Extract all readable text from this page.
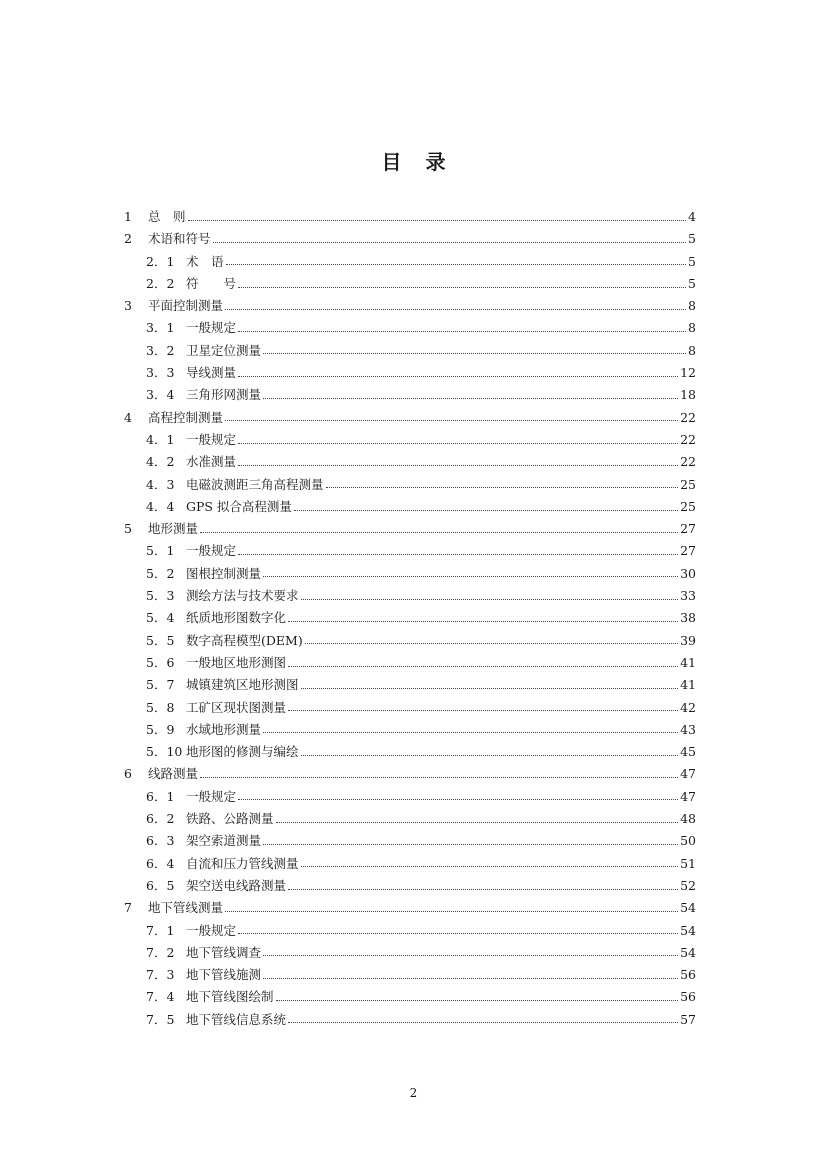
目 录
1	总　则	4
2	术语和符号	5
2．1 术　语	5
2．2 符　　号	5
3	平面控制测量	8
3．1 一般规定	8
3．2 卫星定位测量	8
3．3 导线测量	12
3．4 三角形网测量	18
4	高程控制测量	22
4．1 一般规定	22
4．2 水准测量	22
4．3 电磁波测距三角高程测量	25
4．4 GPS 拟合高程测量	25
5	地形测量	27
5．1 一般规定	27
5．2 图根控制测量	30
5．3 测绘方法与技术要求	33
5．4 纸质地形图数字化	38
5．5 数字高程模型(DEM)	39
5．6 一般地区地形测图	41
5．7 城镇建筑区地形测图	41
5．8 工矿区现状图测量	42
5．9 水域地形测量	43
5．10 地形图的修测与编绘	45
6	线路测量	47
6．1 一般规定	47
6．2 铁路、公路测量	48
6．3 架空索道测量	50
6．4 自流和压力管线测量	51
6．5 架空送电线路测量	52
7	地下管线测量	54
7．1 一般规定	54
7．2 地下管线调查	54
7．3 地下管线施测	56
7．4 地下管线图绘制	56
7．5 地下管线信息系统	57
2
